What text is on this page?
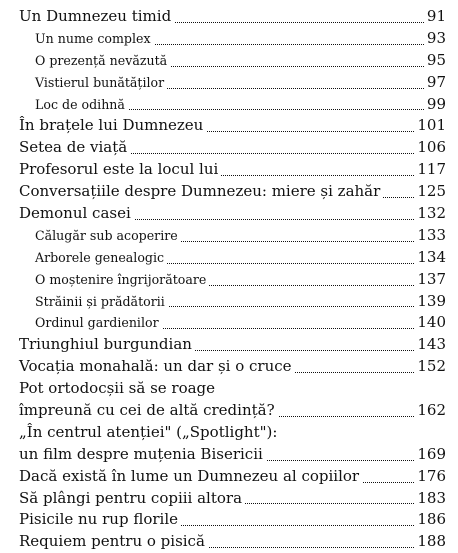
Un Dumnezeu timid	91
Un nume complex	93
O prezență nevăzută	95
Vistierul bunătăților	97
Loc de odihnă	99
În brațele lui Dumnezeu	101
Setea de viață	106
Profesorul este la locul lui	117
Conversațiile despre Dumnezeu: miere și zahăr 125
Demonul casei	132
Călugăr sub acoperire	133
Arborele genealogic	134
O moștenire îngrijorătoare	137
Străinii și prădătorii	139
Ordinul gardienilor	140
Triunghiul burgundian	143
Vocația monahală: un dar și o cruce	152
Pot ortodocșii să se roage
împreună cu cei de altă credință?	162
„În centrul atenției" („Spotlight"):
un film despre muțenia Bisericii	169
Dacă există în lume un Dumnezeu al copiilor	176
Să plângi pentru copiii altora	183
Pisicile nu rup florile	186
Requiem pentru o pisică	188
